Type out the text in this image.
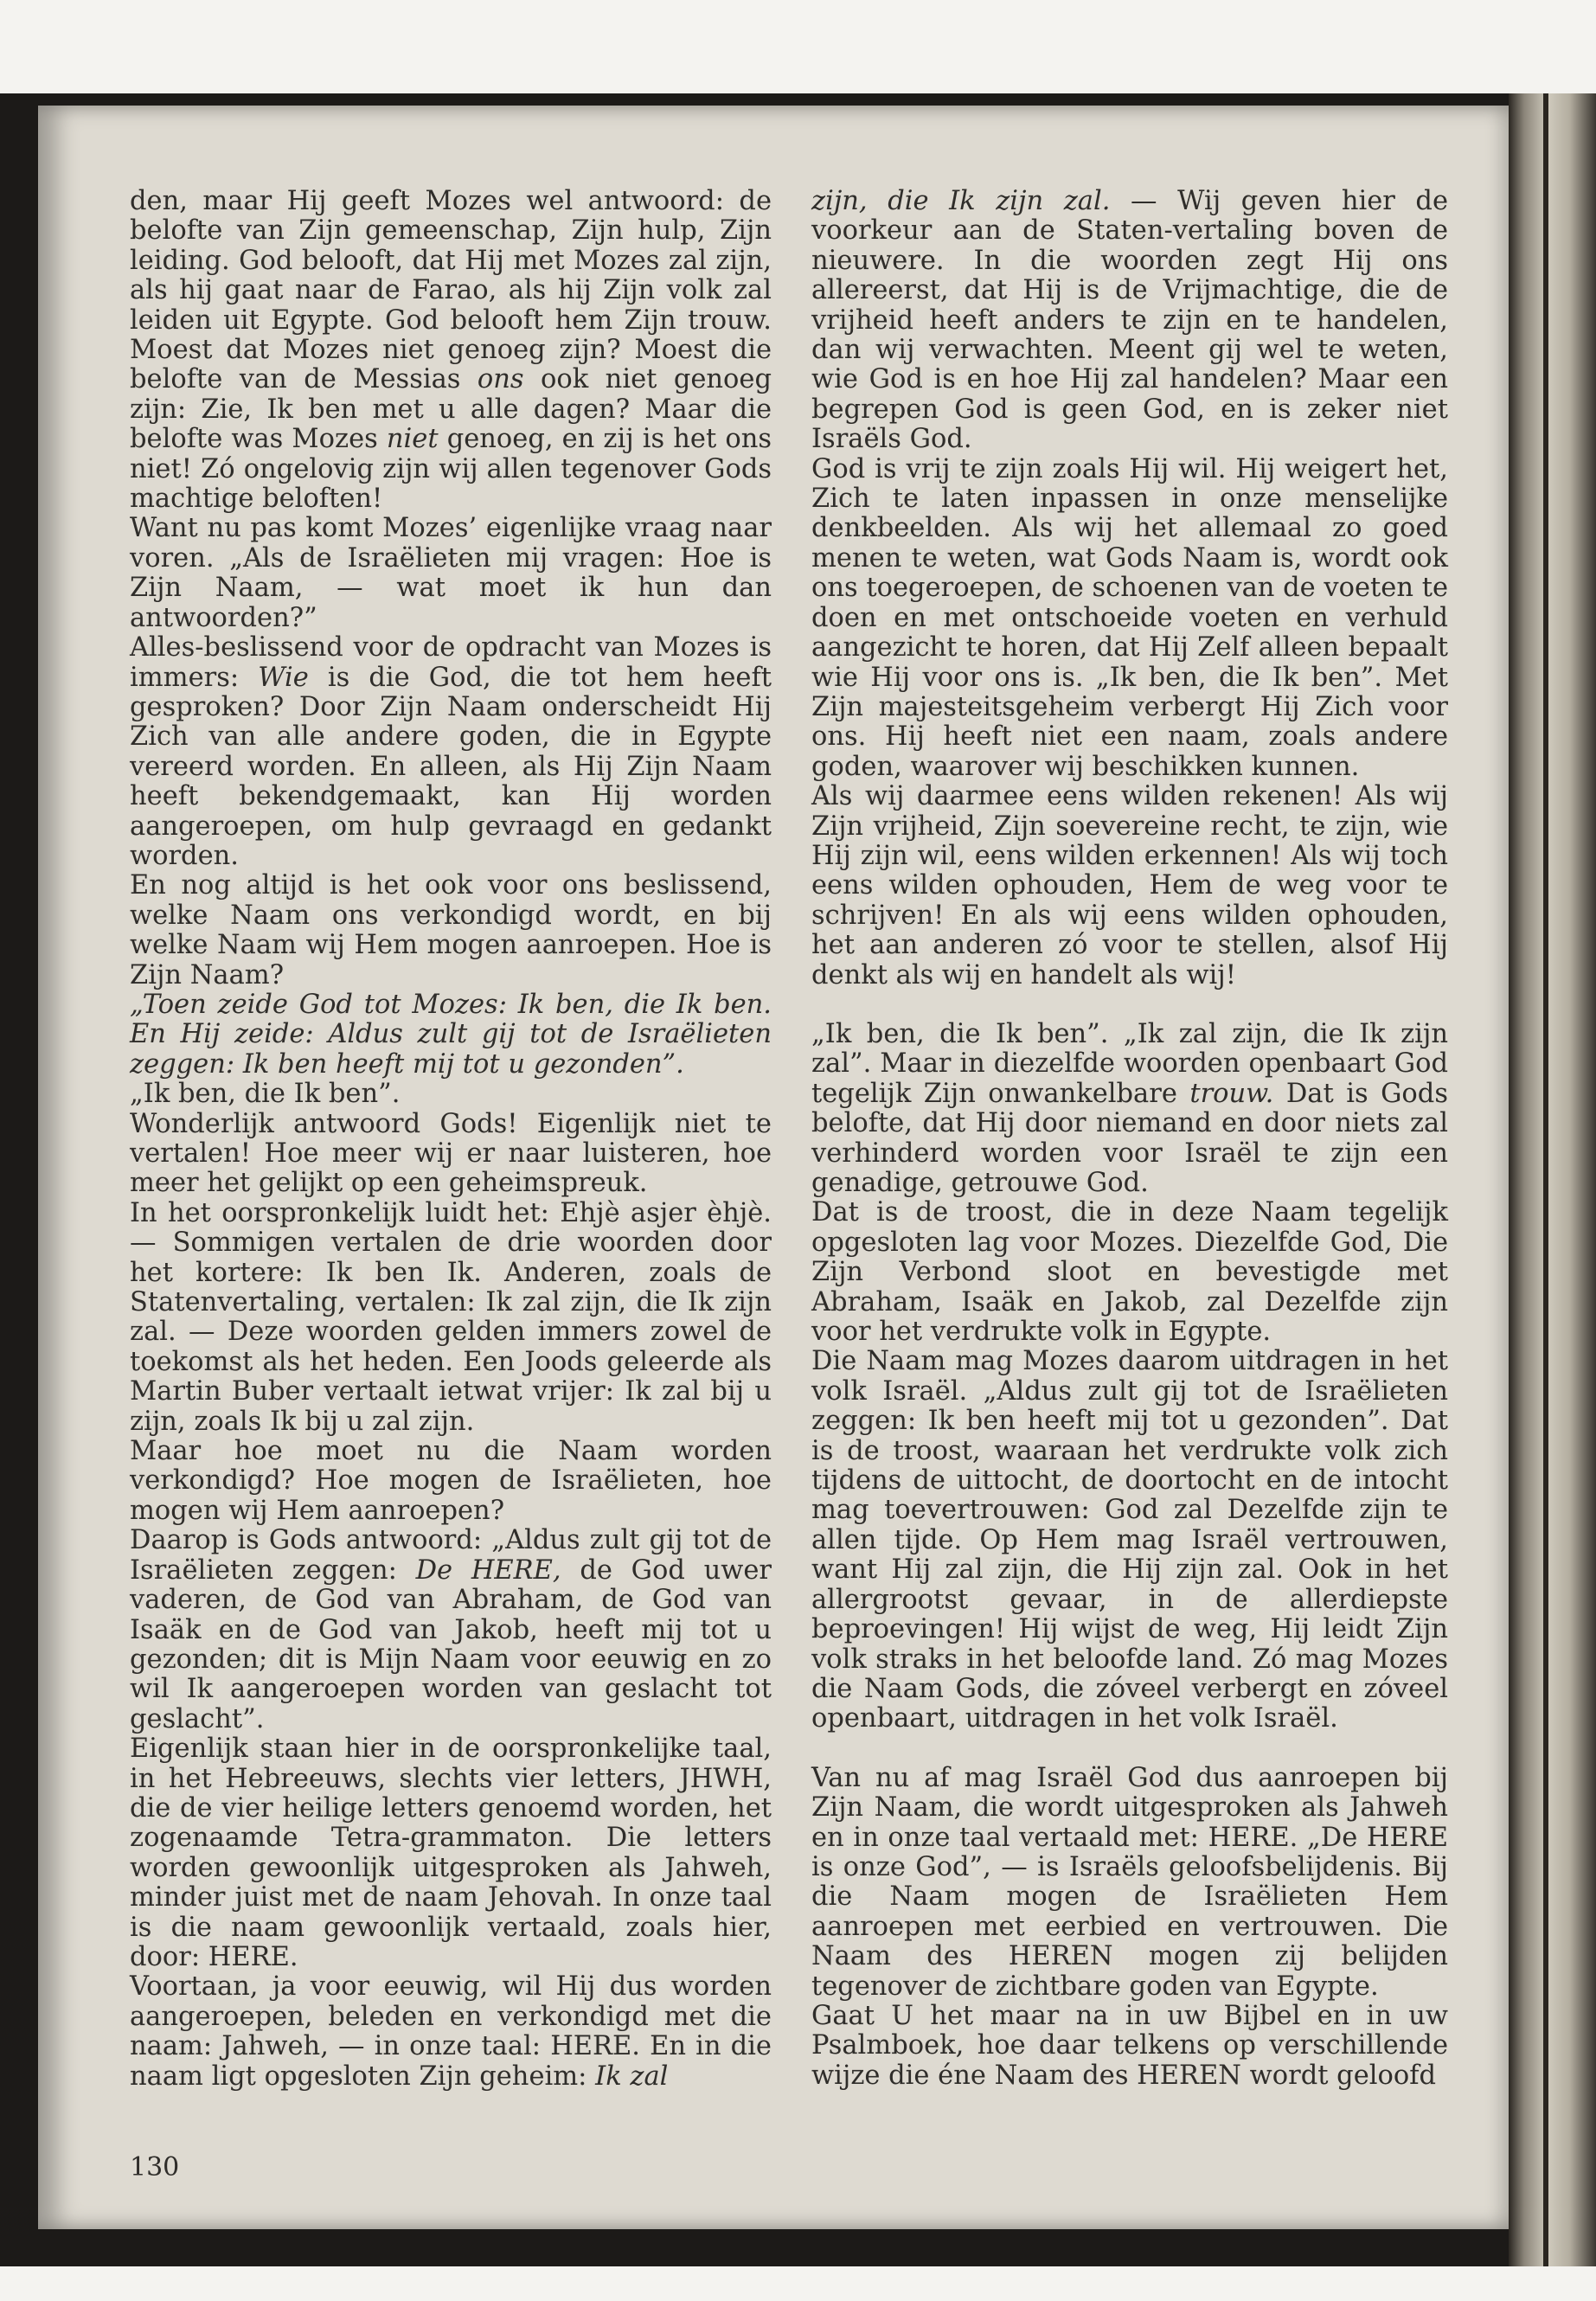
den, maar Hij geeft Mozes wel antwoord: de belofte van Zijn gemeenschap, Zijn hulp, Zijn leiding. God belooft, dat Hij met Mozes zal zijn, als hij gaat naar de Farao, als hij Zijn volk zal leiden uit Egypte. God belooft hem Zijn trouw. Moest dat Mozes niet genoeg zijn? Moest die belofte van de Messias ons ook niet genoeg zijn: Zie, Ik ben met u alle dagen? Maar die belofte was Mozes niet genoeg, en zij is het ons niet! Zó ongelovig zijn wij allen tegenover Gods machtige beloften!

Want nu pas komt Mozes’ eigenlijke vraag naar voren. „Als de Israëlieten mij vragen: Hoe is Zijn Naam, — wat moet ik hun dan antwoorden?”

Alles-beslissend voor de opdracht van Mozes is immers: Wie is die God, die tot hem heeft gesproken? Door Zijn Naam onderscheidt Hij Zich van alle andere goden, die in Egypte vereerd worden. En alleen, als Hij Zijn Naam heeft bekendgemaakt, kan Hij worden aangeroepen, om hulp gevraagd en gedankt worden.

En nog altijd is het ook voor ons beslissend, welke Naam ons verkondigd wordt, en bij welke Naam wij Hem mogen aanroepen. Hoe is Zijn Naam?

„Toen zeide God tot Mozes: Ik ben, die Ik ben. En Hij zeide: Aldus zult gij tot de Israëlieten zeggen: Ik ben heeft mij tot u gezonden”.

„Ik ben, die Ik ben”.

Wonderlijk antwoord Gods! Eigenlijk niet te vertalen! Hoe meer wij er naar luisteren, hoe meer het gelijkt op een geheimspreuk.

In het oorspronkelijk luidt het: Ehjè asjer èhjè. — Sommigen vertalen de drie woorden door het kortere: Ik ben Ik. Anderen, zoals de Statenvertaling, vertalen: Ik zal zijn, die Ik zijn zal. — Deze woorden gelden immers zowel de toekomst als het heden. Een Joods geleerde als Martin Buber vertaalt ietwat vrijer: Ik zal bij u zijn, zoals Ik bij u zal zijn.

Maar hoe moet nu die Naam worden verkondigd? Hoe mogen de Israëlieten, hoe mogen wij Hem aanroepen?

Daarop is Gods antwoord: „Aldus zult gij tot de Israëlieten zeggen: De HERE, de God uwer vaderen, de God van Abraham, de God van Isaäk en de God van Jakob, heeft mij tot u gezonden; dit is Mijn Naam voor eeuwig en zo wil Ik aangeroepen worden van geslacht tot geslacht”.

Eigenlijk staan hier in de oorspronkelijke taal, in het Hebreeuws, slechts vier letters, JHWH, die de vier heilige letters genoemd worden, het zogenaamde Tetra-grammaton. Die letters worden gewoonlijk uitgesproken als Jahweh, minder juist met de naam Jehovah. In onze taal is die naam gewoonlijk vertaald, zoals hier, door: HERE.

Voortaan, ja voor eeuwig, wil Hij dus worden aangeroepen, beleden en verkondigd met die naam: Jahweh, — in onze taal: HERE. En in die naam ligt opgesloten Zijn geheim: Ik zal

zijn, die Ik zijn zal. — Wij geven hier de voorkeur aan de Staten-vertaling boven de nieuwere. In die woorden zegt Hij ons allereerst, dat Hij is de Vrijmachtige, die de vrijheid heeft anders te zijn en te handelen, dan wij verwachten. Meent gij wel te weten, wie God is en hoe Hij zal handelen? Maar een begrepen God is geen God, en is zeker niet Israëls God.

God is vrij te zijn zoals Hij wil. Hij weigert het, Zich te laten inpassen in onze menselijke denkbeelden. Als wij het allemaal zo goed menen te weten, wat Gods Naam is, wordt ook ons toegeroepen, de schoenen van de voeten te doen en met ontschoeide voeten en verhuld aangezicht te horen, dat Hij Zelf alleen bepaalt wie Hij voor ons is. „Ik ben, die Ik ben”. Met Zijn majesteitsgeheim verbergt Hij Zich voor ons. Hij heeft niet een naam, zoals andere goden, waarover wij beschikken kunnen.

Als wij daarmee eens wilden rekenen! Als wij Zijn vrijheid, Zijn soevereine recht, te zijn, wie Hij zijn wil, eens wilden erkennen! Als wij toch eens wilden ophouden, Hem de weg voor te schrijven! En als wij eens wilden ophouden, het aan anderen zó voor te stellen, alsof Hij denkt als wij en handelt als wij!

„Ik ben, die Ik ben”. „Ik zal zijn, die Ik zijn zal”. Maar in diezelfde woorden openbaart God tegelijk Zijn onwankelbare trouw. Dat is Gods belofte, dat Hij door niemand en door niets zal verhinderd worden voor Israël te zijn een genadige, getrouwe God.

Dat is de troost, die in deze Naam tegelijk opgesloten lag voor Mozes. Diezelfde God, Die Zijn Verbond sloot en bevestigde met Abraham, Isaäk en Jakob, zal Dezelfde zijn voor het verdrukte volk in Egypte.

Die Naam mag Mozes daarom uitdragen in het volk Israël. „Aldus zult gij tot de Israëlieten zeggen: Ik ben heeft mij tot u gezonden”. Dat is de troost, waaraan het verdrukte volk zich tijdens de uittocht, de doortocht en de intocht mag toevertrouwen: God zal Dezelfde zijn te allen tijde. Op Hem mag Israël vertrouwen, want Hij zal zijn, die Hij zijn zal. Ook in het allergrootst gevaar, in de allerdiepste beproevingen! Hij wijst de weg, Hij leidt Zijn volk straks in het beloofde land. Zó mag Mozes die Naam Gods, die zóveel verbergt en zóveel openbaart, uitdragen in het volk Israël.

Van nu af mag Israël God dus aanroepen bij Zijn Naam, die wordt uitgesproken als Jahweh en in onze taal vertaald met: HERE. „De HERE is onze God”, — is Israëls geloofsbelijdenis. Bij die Naam mogen de Israëlieten Hem aanroepen met eerbied en vertrouwen. Die Naam des HEREN mogen zij belijden tegenover de zichtbare goden van Egypte.

Gaat U het maar na in uw Bijbel en in uw Psalmboek, hoe daar telkens op verschillende wijze die éne Naam des HEREN wordt geloofd

130
